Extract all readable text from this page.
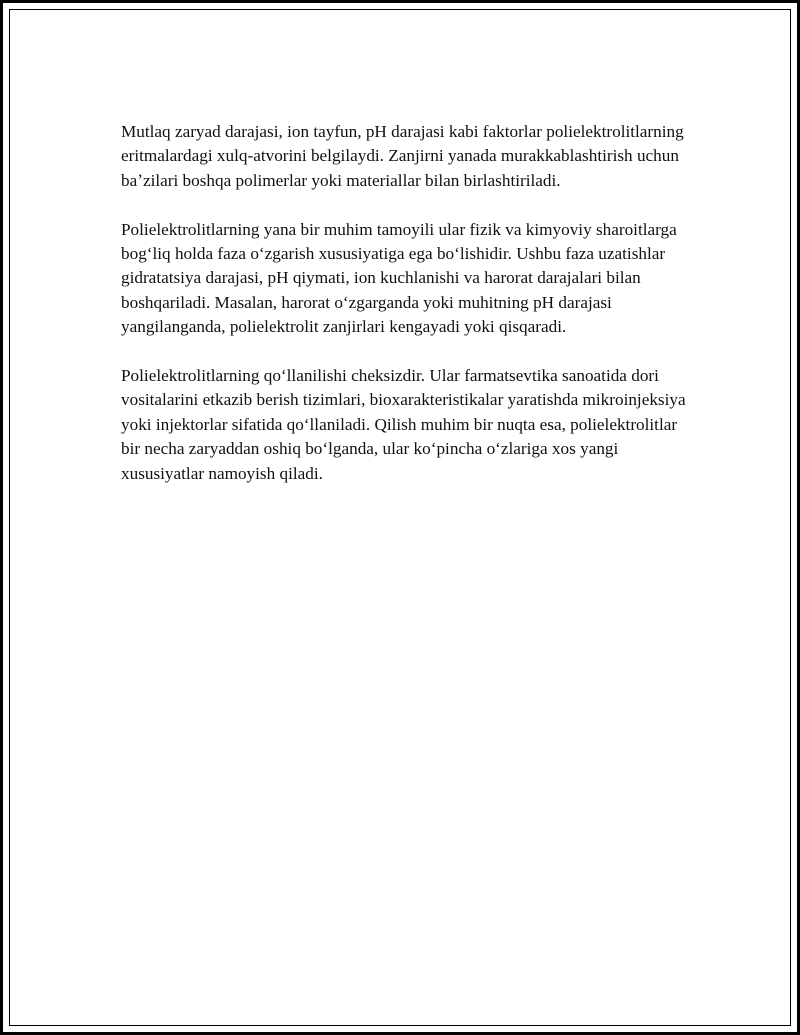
Mutlaq zaryad darajasi, ion tayfun, pH darajasi kabi faktorlar polielektrolitlarning eritmalardagi xulq-atvorini belgilaydi. Zanjirni yanada murakkablashtirish uchun baʼzilari boshqa polimerlar yoki materiallar bilan birlashtiriladi.

Polielektrolitlarning yana bir muhim tamoyili ular fizik va kimyoviy sharoitlarga bogʻliq holda faza oʻzgarish xususiyatiga ega boʻlishidir. Ushbu faza uzatishlar gidratatsiya darajasi, pH qiymati, ion kuchlanishi va harorat darajalari bilan boshqariladi. Masalan, harorat oʻzgarganda yoki muhitning pH darajasi yangilanganda, polielektrolit zanjirlari kengayadi yoki qisqaradi.

Polielektrolitlarning qoʻllanilishi cheksizdir. Ular farmatsevtika sanoatida dori vositalarini etkazib berish tizimlari, bioxarakteristikalar yaratishda mikroinjeksiya yoki injektorlar sifatida qoʻllaniladi. Qilish muhim bir nuqta esa, polielektrolitlar bir necha zaryaddan oshiq boʻlganda, ular koʻpincha oʻzlariga xos yangi xususiyatlar namoyish qiladi.
